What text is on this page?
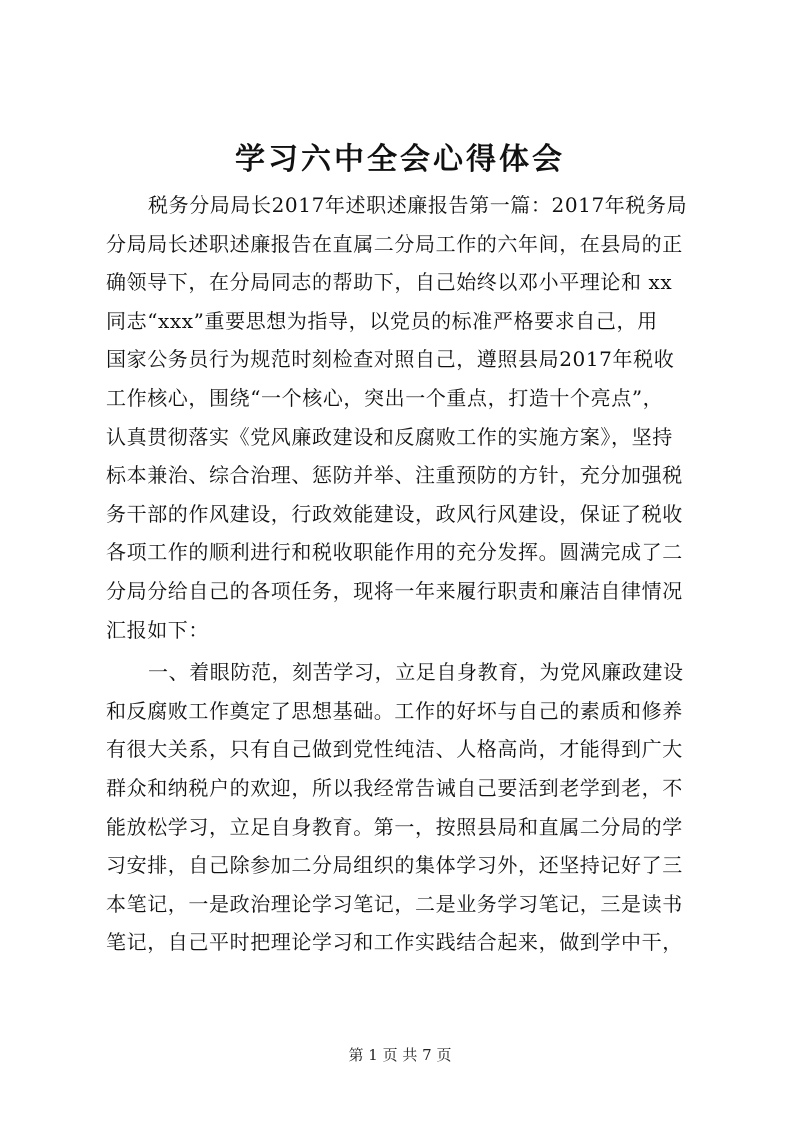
学习六中全会心得体会
税务分局局长2017年述职述廉报告第一篇：2017年税务局
分局局长述职述廉报告在直属二分局工作的六年间，在县局的正
确领导下，在分局同志的帮助下，自己始终以邓小平理论和 xx
同志“xxx”重要思想为指导，以党员的标准严格要求自己，用
国家公务员行为规范时刻检查对照自己，遵照县局2017年税收
工作核心，围绕“一个核心，突出一个重点，打造十个亮点”，
认真贯彻落实《党风廉政建设和反腐败工作的实施方案》，坚持
标本兼治、综合治理、惩防并举、注重预防的方针，充分加强税
务干部的作风建设，行政效能建设，政风行风建设，保证了税收
各项工作的顺利进行和税收职能作用的充分发挥。圆满完成了二
分局分给自己的各项任务，现将一年来履行职责和廉洁自律情况
汇报如下：
一、着眼防范，刻苦学习，立足自身教育，为党风廉政建设
和反腐败工作奠定了思想基础。工作的好坏与自己的素质和修养
有很大关系，只有自己做到党性纯洁、人格高尚，才能得到广大
群众和纳税户的欢迎，所以我经常告诫自己要活到老学到老，不
能放松学习，立足自身教育。第一，按照县局和直属二分局的学
习安排，自己除参加二分局组织的集体学习外，还坚持记好了三
本笔记，一是政治理论学习笔记，二是业务学习笔记，三是读书
笔记，自己平时把理论学习和工作实践结合起来，做到学中干，
第 1 页 共 7 页
